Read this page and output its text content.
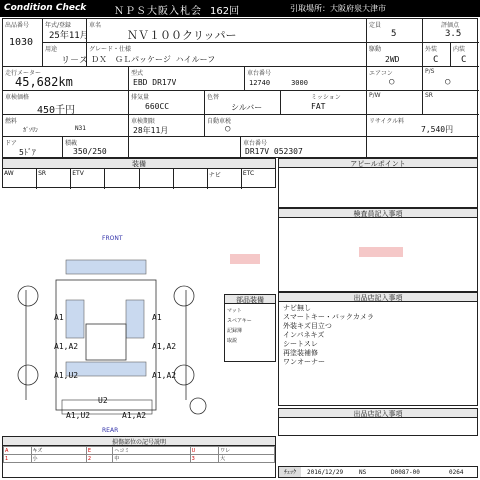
Condition Check	ＮＰＳ大阪入札会 162回	引取場所：大阪府泉大津市
出品番号
1030
年式/登録
25年11月
車名
ＮＶ１００クリッパー
定員
5
評価点
3.5
用途
リ－ス
グレード・仕様
ＤＸ　ＧＬパッケージ ハイルーフ
駆動
2WD
外装
C
内装
C
走行メーター
45,682km
型式
EBD DR17V
車台番号
12740　　　3000
エアコン
○
P/S
○
車検価格
450千円
排気量
660CC
色替
シルバー
ミッション
FAT
P/W	SR
燃料
ｶﾞｿﾘﾝ	N31
車検期限
28年11月
自動車税
○
リサイクル料
7,540円
ドア
5ﾄﾞｱ
積載
350/250
車台番号
DR17V 052307
装備
AW	SR	ETV	ナビ	ETC
アピールポイント
検査員記入事項
FRONT
REAR
A1	A1
A1,A2	A1,A2
A1,U2	A1,A2
U2
A1,U2	A1,A2
部品装備
マット
スペアキー
記録簿
取説
出品店記入事項
ナビ無し
スマートキー・バックカメラ
外装キズ目立つ
インパネキズ
シートスレ
再塗装補修
ワンオーナー
出品店記入事項
損傷部位の記号説明
A	キズ	E	ヘコミ	U	ワレ
1	小	2	中	3	大
ﾁｪｯｸ	2016/12/29	NS	D0087-00	0264
